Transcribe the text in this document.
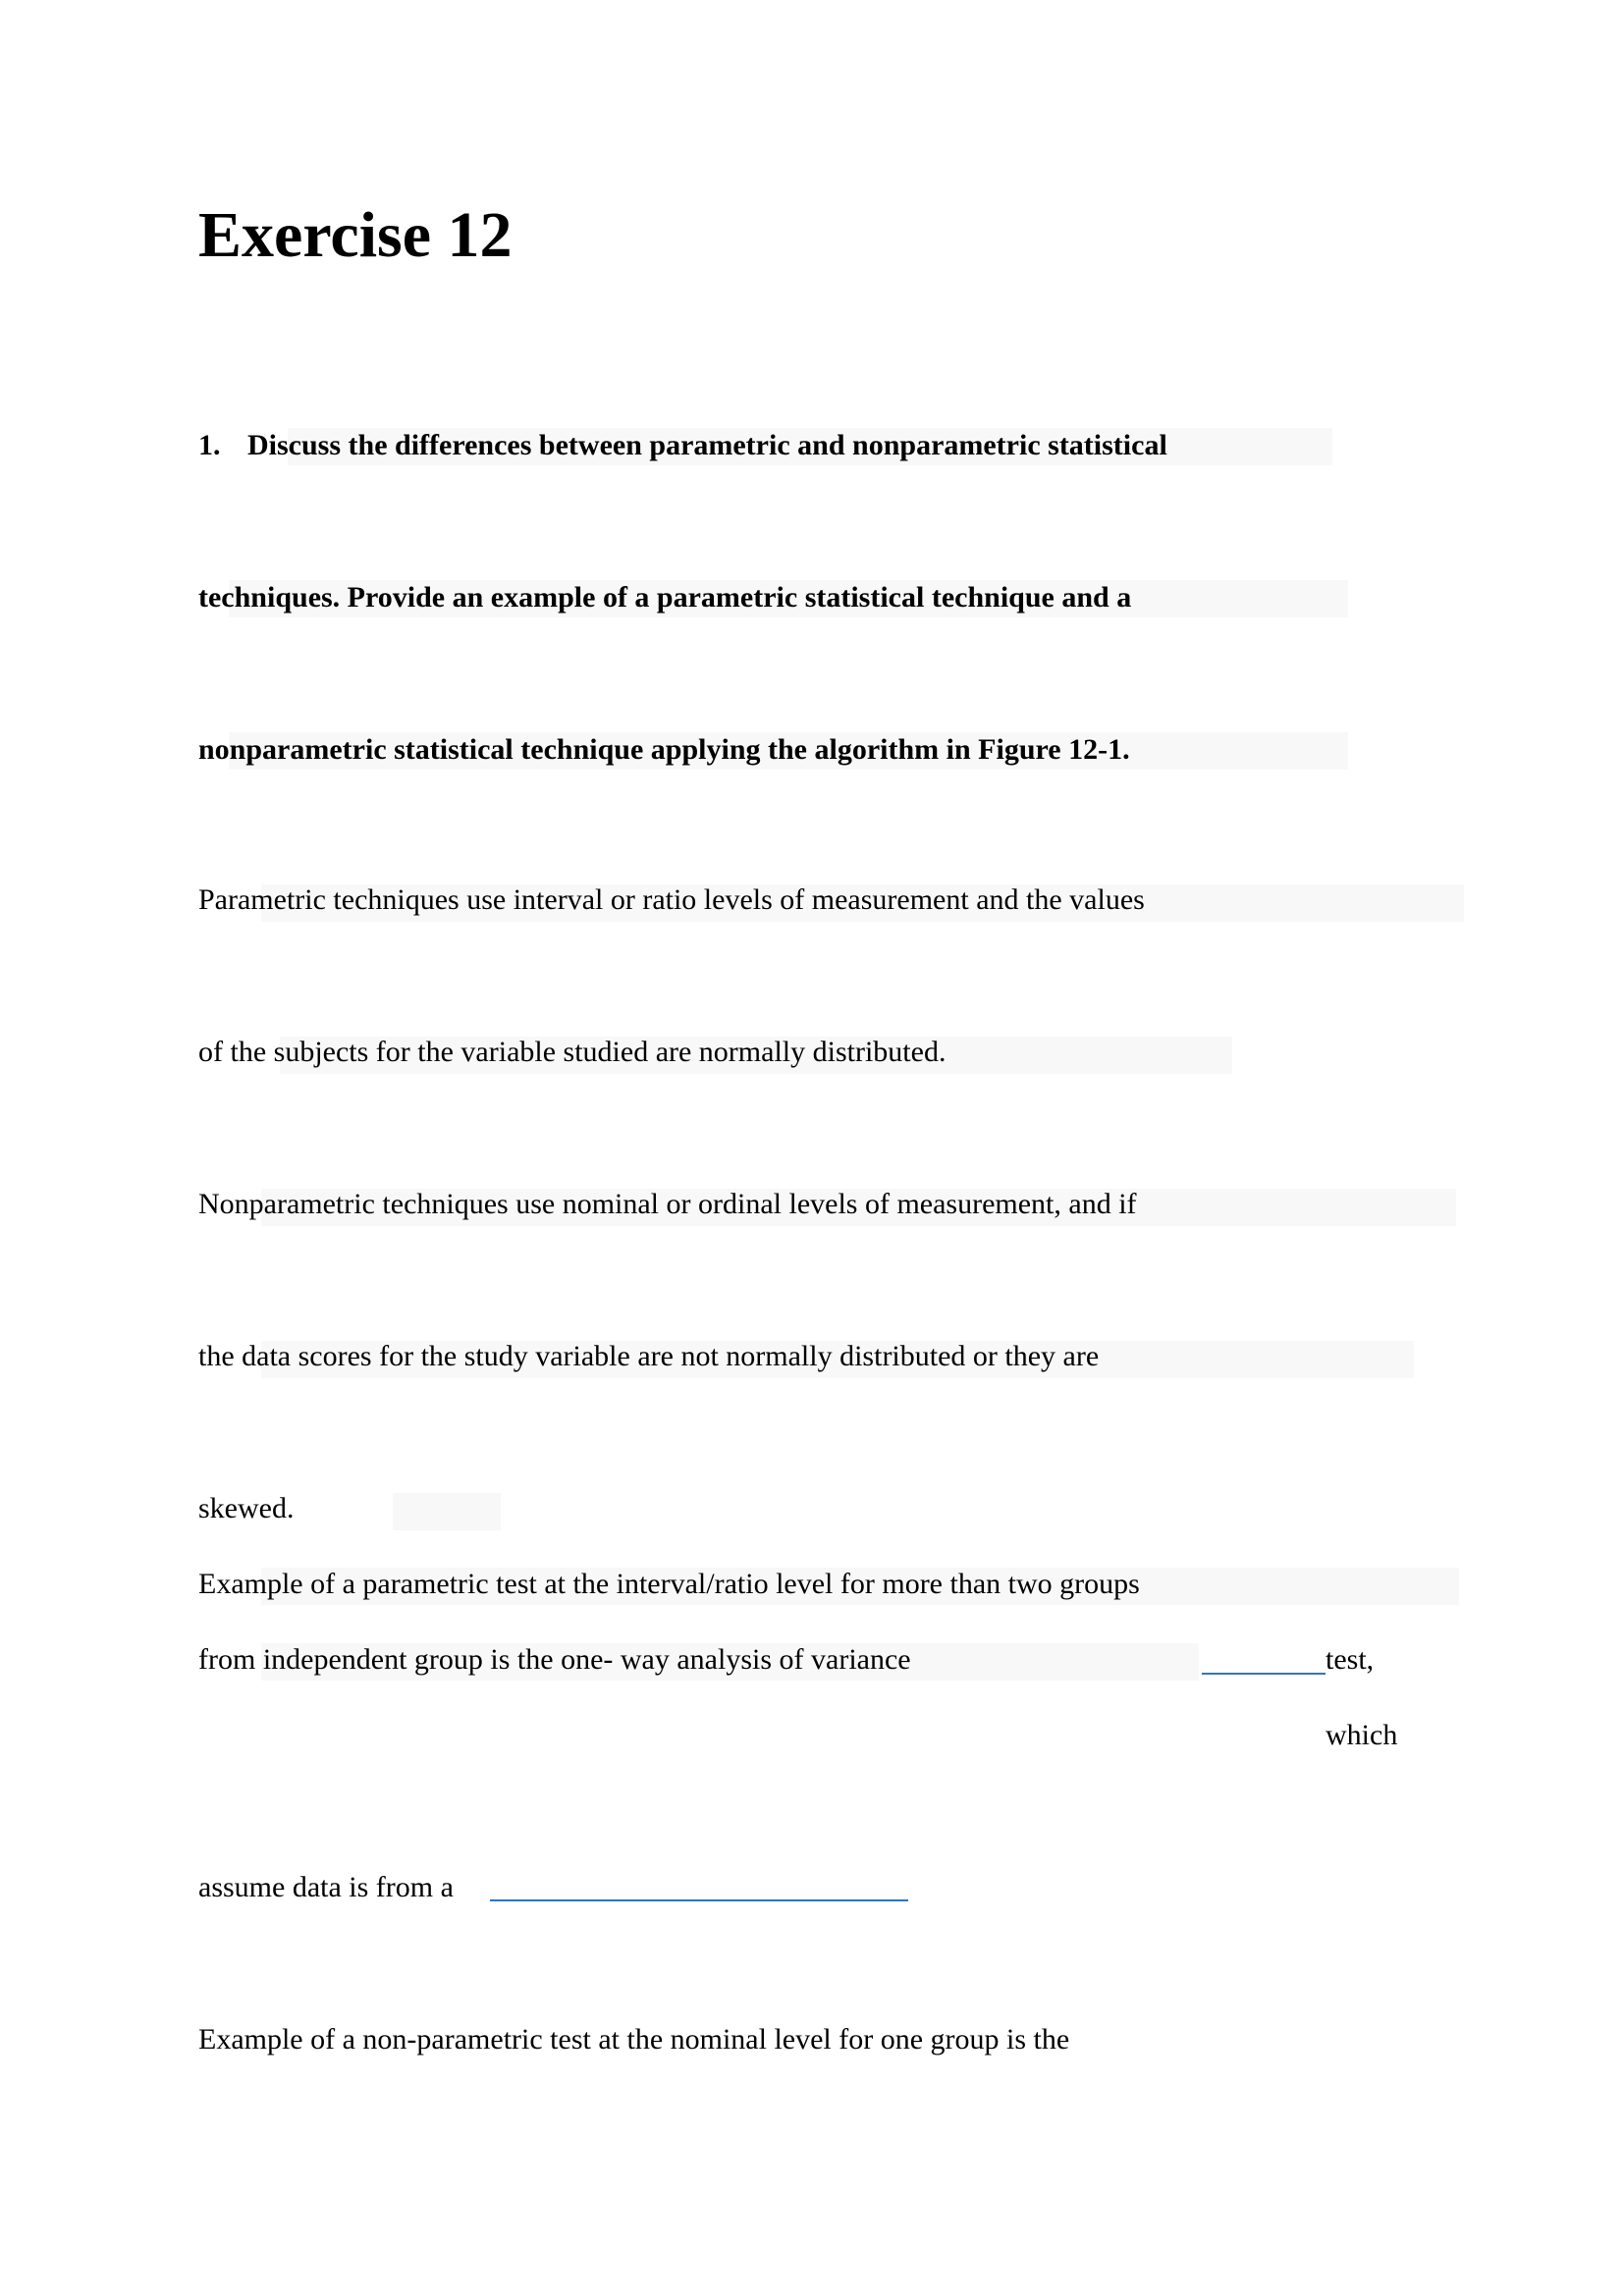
Exercise 12
1. Discuss the differences between parametric and nonparametric statistical
techniques. Provide an example of a parametric statistical technique and a
nonparametric statistical technique applying the algorithm in Figure 12-1.
Parametric techniques use interval or ratio levels of measurement and the values
of the subjects for the variable studied are normally distributed.
Nonparametric techniques use nominal or ordinal levels of measurement, and if
the data scores for the study variable are not normally distributed or they are
skewed.
Example of a parametric test at the interval/ratio level for more than two groups
from independent group is the one- way analysis of variance	test,
which
assume data is from a
Example of a non-parametric test at the nominal level for one group is the
